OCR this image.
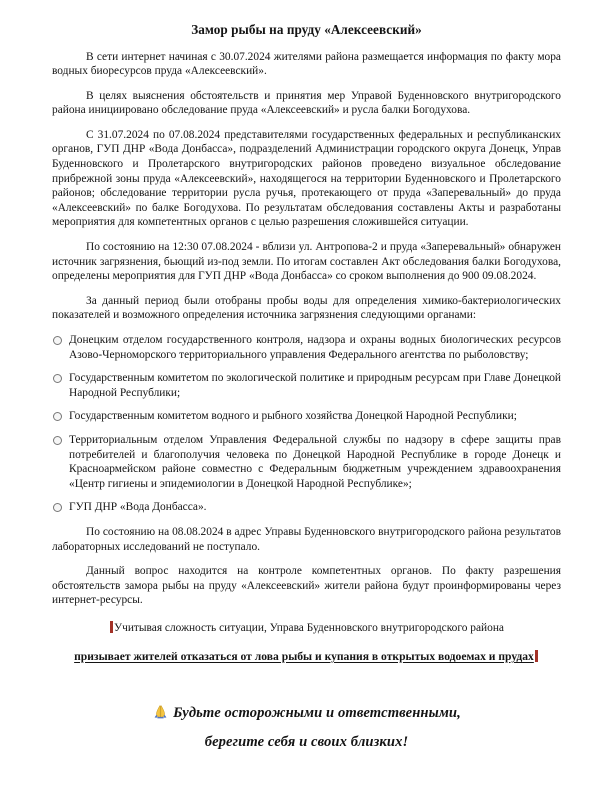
Замор рыбы на пруду «Алексеевский»

В сети интернет начиная с 30.07.2024 жителями района размещается информация по факту мора водных биоресурсов пруда «Алексеевский».

В целях выяснения обстоятельств и принятия мер Управой Буденновского внутригородского района инициировано обследование пруда «Алексеевский» и русла балки Богодухова.

С 31.07.2024 по 07.08.2024 представителями государственных федеральных и республиканских органов, ГУП ДНР «Вода Донбасса», подразделений Администрации городского округа Донецк, Управ Буденновского и Пролетарского внутригородских районов проведено визуальное обследование прибрежной зоны пруда «Алексеевский», находящегося на территории Буденновского и Пролетарского районов; обследование территории русла ручья, протекающего от пруда «Заперевальный» до пруда «Алексеевский» по балке Богодухова. По результатам обследования составлены Акты и разработаны мероприятия для компетентных органов с целью разрешения сложившейся ситуации.

По состоянию на 12:30 07.08.2024 - вблизи ул. Антропова-2 и пруда «Заперевальный» обнаружен источник загрязнения, бьющий из-под земли. По итогам составлен Акт обследования балки Богодухова, определены мероприятия для ГУП ДНР «Вода Донбасса» со сроком выполнения до 900 09.08.2024.

За данный период были отобраны пробы воды для определения химико-бактериологических показателей и возможного определения источника загрязнения следующими органами:

Донецким отделом государственного контроля, надзора и охраны водных биологических ресурсов Азово-Черноморского территориального управления Федерального агентства по рыболовству;
Государственным комитетом по экологической политике и природным ресурсам при Главе Донецкой Народной Республики;
Государственным комитетом водного и рыбного хозяйства Донецкой Народной Республики;
Территориальным отделом Управления Федеральной службы по надзору в сфере защиты прав потребителей и благополучия человека по Донецкой Народной Республике в городе Донецк и Красноармейском районе совместно с Федеральным бюджетным учреждением здравоохранения «Центр гигиены и эпидемиологии в Донецкой Народной Республике»;
ГУП ДНР «Вода Донбасса».

По состоянию на 08.08.2024 в адрес Управы Буденновского внутригородского района результатов лабораторных исследований не поступало.

Данный вопрос находится на контроле компетентных органов. По факту разрешения обстоятельств замора рыбы на пруду «Алексеевский» жители района будут проинформированы через интернет-ресурсы.

Учитывая сложность ситуации, Управа Буденновского внутригородского района
призывает жителей отказаться от лова рыбы и купания в открытых водоемах и прудах
Будьте осторожными и ответственными,
берегите себя и своих близких!
